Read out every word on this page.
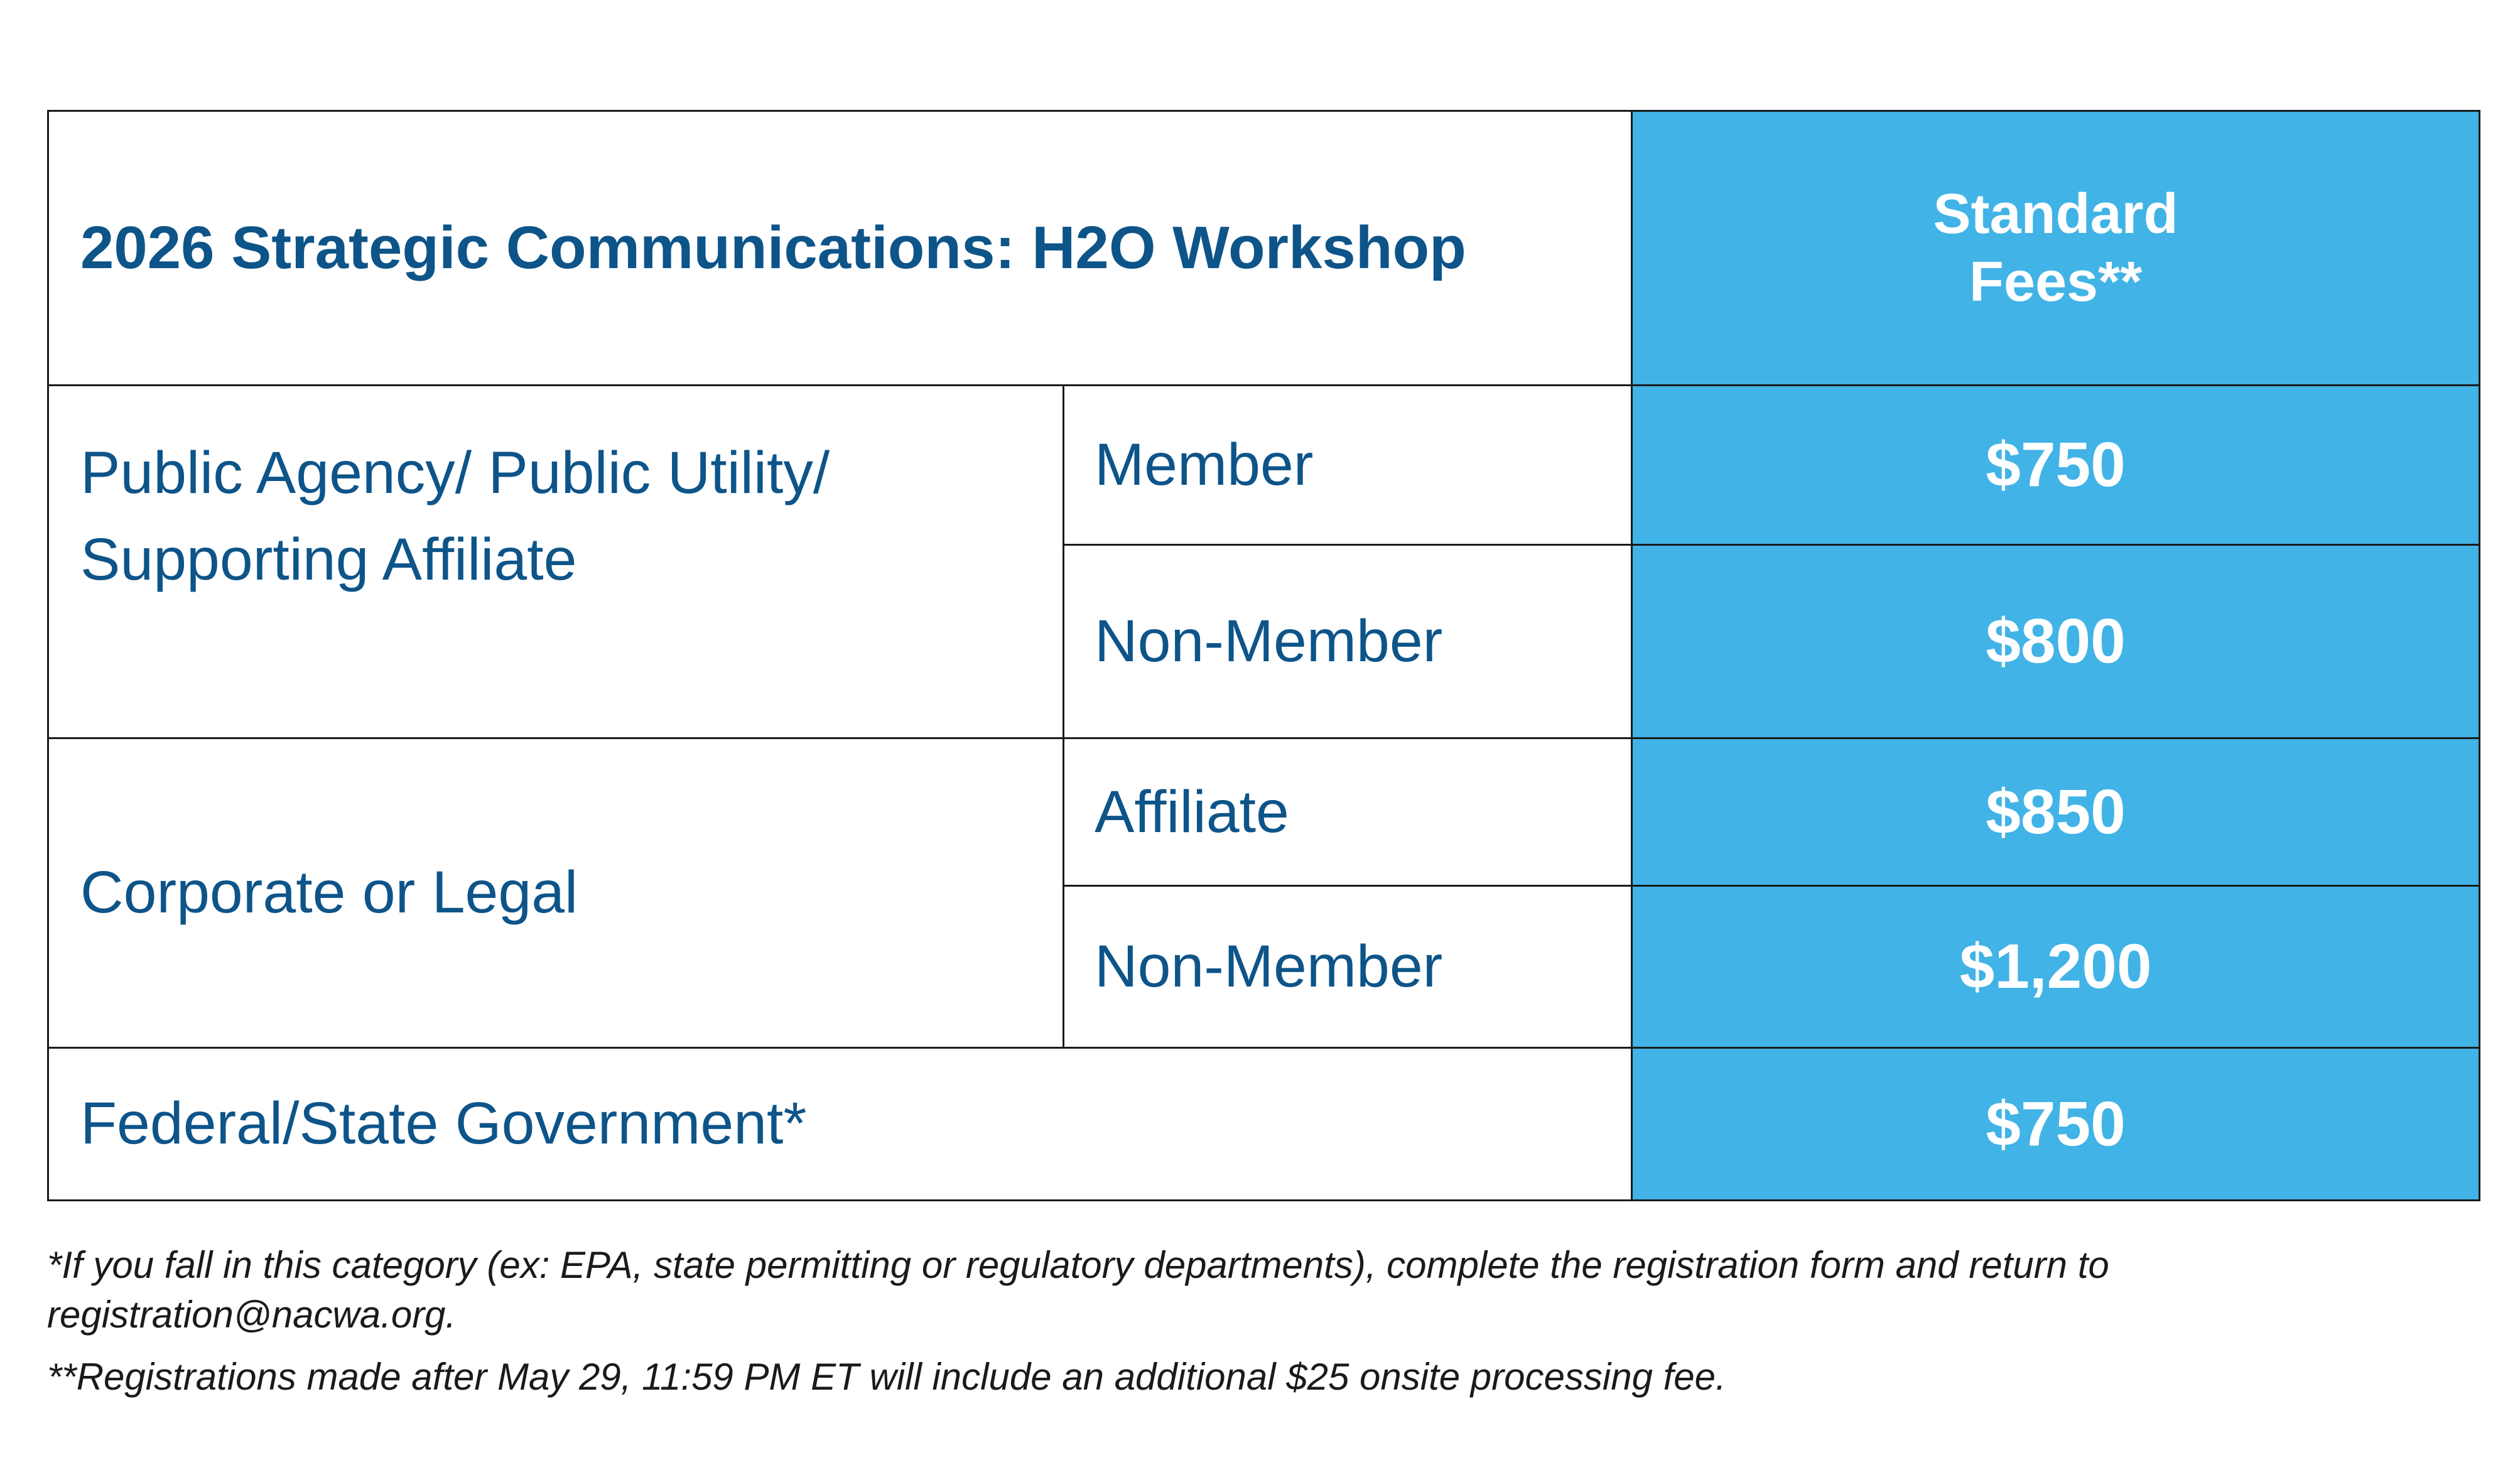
2026 Strategic Communications: H2O Workshop		Standard
Fees**

Public Agency/ Public Utility/
Supporting Affiliate	Member	$750
	Non-Member	$800
Corporate or Legal	Affiliate	$850
	Non-Member	$1,200
Federal/State Government*		$750

*If you fall in this category (ex: EPA, state permitting or regulatory departments), complete the registration form and return to registration@nacwa.org.

**Registrations made after May 29, 11:59 PM ET will include an additional $25 onsite processing fee.
